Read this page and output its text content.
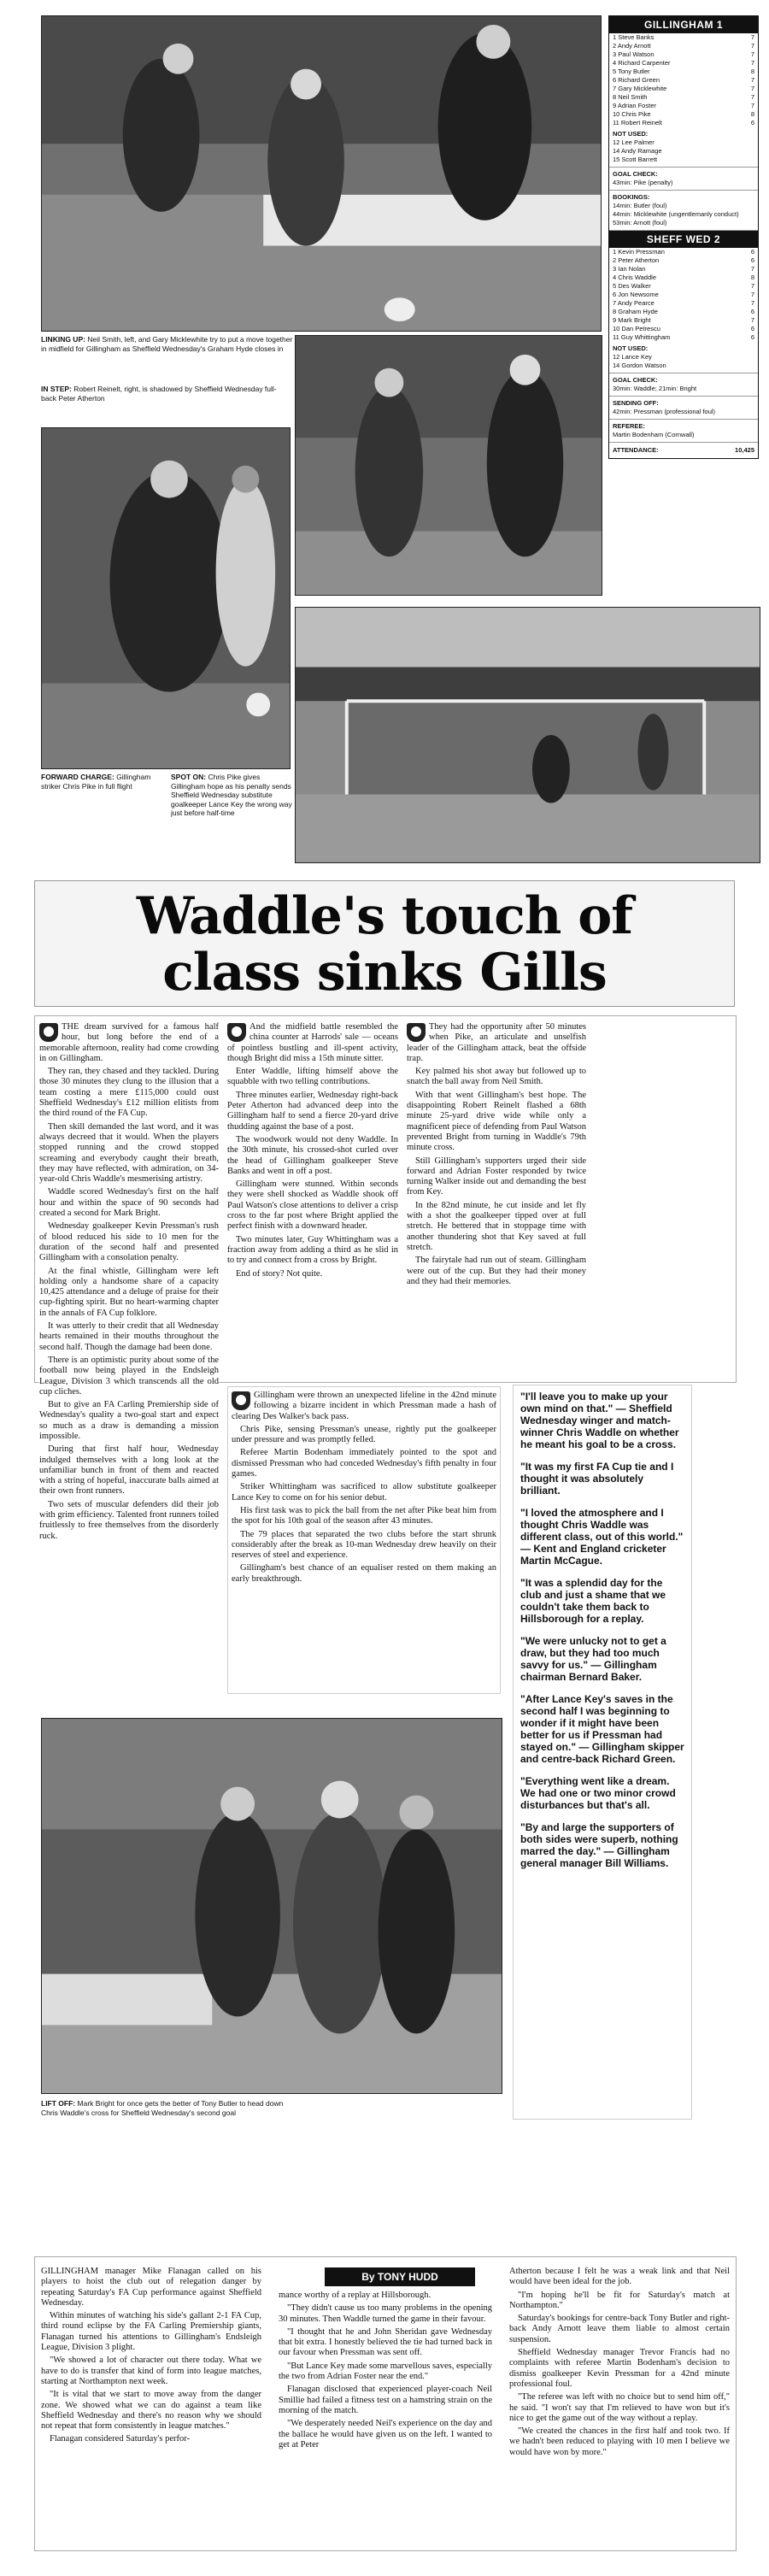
LINKING UP: Neil Smith, left, and Gary Micklewhite try to put a move together in midfield for Gillingham as Sheffield Wednesday's Graham Hyde closes in
IN STEP: Robert Reinelt, right, is shadowed by Sheffield Wednesday full-back Peter Atherton
FORWARD CHARGE: Gillingham striker Chris Pike in full flight
SPOT ON: Chris Pike gives Gillingham hope as his penalty sends Sheffield Wednesday substitute goalkeeper Lance Key the wrong way just before half-time
GILLINGHAM 1
1 Steve Banks	7
2 Andy Arnott	7
3 Paul Watson	7
4 Richard Carpenter	7
5 Tony Butler	8
6 Richard Green	7
7 Gary Micklewhite	7
8 Neil Smith	7
9 Adrian Foster	7
10 Chris Pike	8
11 Robert Reinelt	6
NOT USED:
12 Lee Palmer
14 Andy Ramage
15 Scott Barrett
GOAL CHECK:
43min: Pike (penalty)
BOOKINGS:
14min: Butler (foul)
44min: Micklewhite (ungentlemanly conduct)
53min: Arnott (foul)
SHEFF WED 2
1 Kevin Pressman	6
2 Peter Atherton	6
3 Ian Nolan	7
4 Chris Waddle	8
5 Des Walker	7
6 Jon Newsome	7
7 Andy Pearce	7
8 Graham Hyde	6
9 Mark Bright	7
10 Dan Petrescu	6
11 Guy Whittingham	6
NOT USED:
12 Lance Key
14 Gordon Watson
GOAL CHECK:
30min: Waddle; 21min: Bright
SENDING OFF:
42min: Pressman (professional foul)
REFEREE:
Martin Bodenham (Cornwall)
ATTENDANCE:	10,425
Waddle's touch of
class sinks Gills

THE dream survived for a famous half hour, but long before the end of a memorable afternoon, reality had come crowding in on Gillingham.

They ran, they chased and they tackled. During those 30 minutes they clung to the illusion that a team costing a mere £115,000 could oust Sheffield Wednesday's £12 million elitists from the third round of the FA Cup.

Then skill demanded the last word, and it was always decreed that it would. When the players stopped running and the crowd stopped screaming and everybody caught their breath, they may have reflected, with admiration, on 34-year-old Chris Waddle's mesmerising artistry.

Waddle scored Wednesday's first on the half hour and within the space of 90 seconds had created a second for Mark Bright.

Wednesday goalkeeper Kevin Pressman's rush of blood reduced his side to 10 men for the duration of the second half and presented Gillingham with a consolation penalty.

At the final whistle, Gillingham were left holding only a handsome share of a capacity 10,425 attendance and a deluge of praise for their cup-fighting spirit. But no heart-warming chapter in the annals of FA Cup folklore.

It was utterly to their credit that all Wednesday hearts remained in their mouths throughout the second half. Though the damage had been done.

There is an optimistic purity about some of the football now being played in the Endsleigh League, Division 3 which transcends all the old cup cliches.

But to give an FA Carling Premiership side of Wednesday's quality a two-goal start and expect so much as a draw is demanding a mission impossible.

During that first half hour, Wednesday indulged themselves with a long look at the unfamiliar bunch in front of them and reacted with a string of hopeful, inaccurate balls aimed at their own front runners.

Two sets of muscular defenders did their job with grim efficiency. Talented front runners toiled fruitlessly to free themselves from the disorderly ruck.

And the midfield battle resembled the china counter at Harrods' sale — oceans of pointless bustling and ill-spent activity, though Bright did miss a 15th minute sitter.

Enter Waddle, lifting himself above the squabble with two telling contributions.

Three minutes earlier, Wednesday right-back Peter Atherton had advanced deep into the Gillingham half to send a fierce 20-yard drive thudding against the base of a post.

The woodwork would not deny Waddle. In the 30th minute, his crossed-shot curled over the head of Gillingham goalkeeper Steve Banks and went in off a post.

Gillingham were stunned. Within seconds they were shell shocked as Waddle shook off Paul Watson's close attentions to deliver a crisp cross to the far post where Bright applied the perfect finish with a downward header.

Two minutes later, Guy Whittingham was a fraction away from adding a third as he slid in to try and connect from a cross by Bright.

End of story? Not quite.

They had the opportunity after 50 minutes when Pike, an articulate and unselfish leader of the Gillingham attack, beat the offside trap.

Key palmed his shot away but followed up to snatch the ball away from Neil Smith.

With that went Gillingham's best hope. The disappointing Robert Reinelt flashed a 68th minute 25-yard drive wide while only a magnificent piece of defending from Paul Watson prevented Bright from turning in Waddle's 79th minute cross.

Still Gillingham's supporters urged their side forward and Adrian Foster responded by twice turning Walker inside out and demanding the best from Key.

In the 82nd minute, he cut inside and let fly with a shot the goalkeeper tipped over at full stretch. He bettered that in stoppage time with another thundering shot that Key saved at full stretch.

The fairytale had run out of steam. Gillingham were out of the cup. But they had their money and they had their memories.

Gillingham were thrown an unexpected lifeline in the 42nd minute following a bizarre incident in which Pressman made a hash of clearing Des Walker's back pass.

Chris Pike, sensing Pressman's unease, rightly put the goalkeeper under pressure and was promptly felled.

Referee Martin Bodenham immediately pointed to the spot and dismissed Pressman who had conceded Wednesday's fifth penalty in four games.

Striker Whittingham was sacrificed to allow substitute goalkeeper Lance Key to come on for his senior debut.

His first task was to pick the ball from the net after Pike beat him from the spot for his 10th goal of the season after 43 minutes.

The 79 places that separated the two clubs before the start shrunk considerably after the break as 10-man Wednesday drew heavily on their reserves of steel and experience.

Gillingham's best chance of an equaliser rested on them making an early breakthrough.

"I'll leave you to make up your own mind on that." — Sheffield Wednesday winger and match-winner Chris Waddle on whether he meant his goal to be a cross.

"It was my first FA Cup tie and I thought it was absolutely brilliant.

"I loved the atmosphere and I thought Chris Waddle was different class, out of this world." — Kent and England cricketer Martin McCague.

"It was a splendid day for the club and just a shame that we couldn't take them back to Hillsborough for a replay.

"We were unlucky not to get a draw, but they had too much savvy for us." — Gillingham chairman Bernard Baker.

"After Lance Key's saves in the second half I was beginning to wonder if it might have been better for us if Pressman had stayed on." — Gillingham skipper and centre-back Richard Green.

"Everything went like a dream. We had one or two minor crowd disturbances but that's all.

"By and large the supporters of both sides were superb, nothing marred the day." — Gillingham general manager Bill Williams.

LIFT OFF: Mark Bright for once gets the better of Tony Butler to head down Chris Waddle's cross for Sheffield Wednesday's second goal
By TONY HUDD

GILLINGHAM manager Mike Flanagan called on his players to hoist the club out of relegation danger by repeating Saturday's FA Cup performance against Sheffield Wednesday.

Within minutes of watching his side's gallant 2-1 FA Cup, third round eclipse by the FA Carling Premiership giants, Flanagan turned his attentions to Gillingham's Endsleigh League, Division 3 plight.

"We showed a lot of character out there today. What we have to do is transfer that kind of form into league matches, starting at Northampton next week.

"It is vital that we start to move away from the danger zone. We showed what we can do against a team like Sheffield Wednesday and there's no reason why we should not repeat that form consistently in league matches."

Flanagan considered Saturday's perfor-

mance worthy of a replay at Hillsborough.

"They didn't cause us too many problems in the opening 30 minutes. Then Waddle turned the game in their favour.

"I thought that he and John Sheridan gave Wednesday that bit extra. I honestly believed the tie had turned back in our favour when Pressman was sent off.

"But Lance Key made some marvellous saves, especially the two from Adrian Foster near the end."

Flanagan disclosed that experienced player-coach Neil Smillie had failed a fitness test on a hamstring strain on the morning of the match.

"We desperately needed Neil's experience on the day and the ballace he would have given us on the left. I wanted to get at Peter

Atherton because I felt he was a weak link and that Neil would have been ideal for the job.

"I'm hoping he'll be fit for Saturday's match at Northampton."

Saturday's bookings for centre-back Tony Butler and right-back Andy Arnott leave them liable to almost certain suspension.

Sheffield Wednesday manager Trevor Francis had no complaints with referee Martin Bodenham's decision to dismiss goalkeeper Kevin Pressman for a 42nd minute professional foul.

"The referee was left with no choice but to send him off," he said. "I won't say that I'm relieved to have won but it's nice to get the game out of the way without a replay.

"We created the chances in the first half and took two. If we hadn't been reduced to playing with 10 men I believe we would have won by more."
